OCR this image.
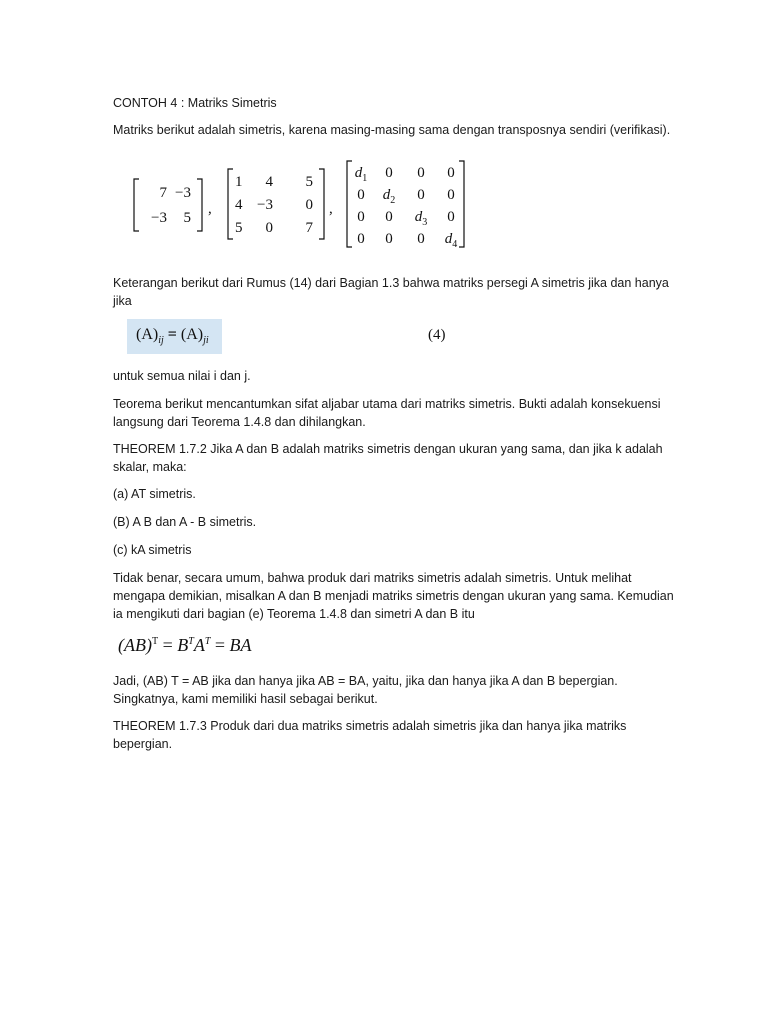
CONTOH 4 : Matriks Simetris

Matriks berikut adalah simetris, karena masing-masing sama dengan transposnya sendiri (verifikasi).

7 −3
−3 5
,
1 4 5
4 −3 0
5 0 7
,
$d_1$ 0 0 0
0 $d_2$ 0 0
0 0 $d_3$ 0
0 0 0 $d_4$

Keterangan berikut dari Rumus (14) dari Bagian 1.3 bahwa matriks persegi A simetris jika dan hanya jika

$(A)_{ij} = (A)_{ji}$	(4)

untuk semua nilai i dan j.

Teorema berikut mencantumkan sifat aljabar utama dari matriks simetris. Bukti adalah konsekuensi langsung dari Teorema 1.4.8 dan dihilangkan.

THEOREM 1.7.2 Jika A dan B adalah matriks simetris dengan ukuran yang sama, dan jika k adalah skalar, maka:

(a) AT simetris.

(B) A B dan A - B simetris.

(c) kA simetris

Tidak benar, secara umum, bahwa produk dari matriks simetris adalah simetris. Untuk melihat mengapa demikian, misalkan A dan B menjadi matriks simetris dengan ukuran yang sama. Kemudian ia mengikuti dari bagian (e) Teorema 1.4.8 dan simetri A dan B itu

$(AB)^T = B^TA^T$ = BA

Jadi, (AB) T = AB jika dan hanya jika AB = BA, yaitu, jika dan hanya jika A dan B bepergian. Singkatnya, kami memiliki hasil sebagai berikut.

THEOREM 1.7.3 Produk dari dua matriks simetris adalah simetris jika dan hanya jika matriks bepergian.
